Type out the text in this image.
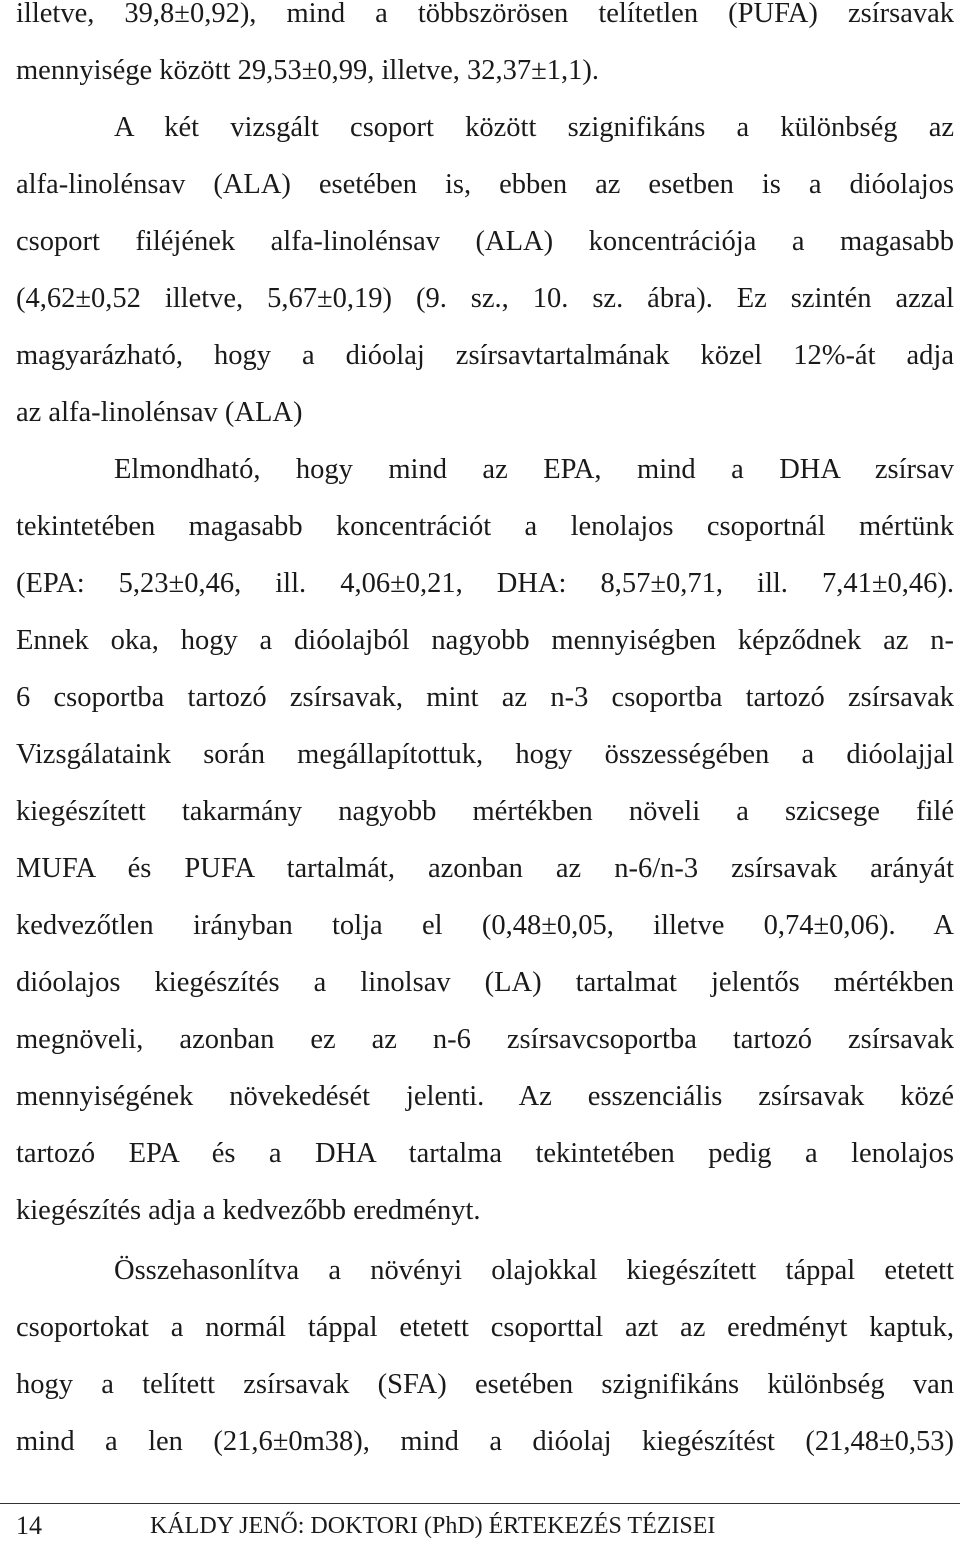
illetve, 39,8±0,92), mind a többszörösen telítetlen (PUFA) zsírsavak
mennyisége között 29,53±0,99, illetve, 32,37±1,1).
A két vizsgált csoport között szignifikáns a különbség az
alfa-linolénsav (ALA) esetében is, ebben az esetben is a dióolajos
csoport filéjének alfa-linolénsav (ALA) koncentrációja a magasabb
(4,62±0,52 illetve, 5,67±0,19) (9. sz., 10. sz. ábra). Ez szintén azzal
magyarázható, hogy a dióolaj zsírsavtartalmának közel 12%-át adja
az alfa-linolénsav (ALA)
Elmondható, hogy mind az EPA, mind a DHA zsírsav
tekintetében magasabb koncentrációt a lenolajos csoportnál mértünk
(EPA: 5,23±0,46, ill. 4,06±0,21, DHA: 8,57±0,71, ill. 7,41±0,46).
Ennek oka, hogy a dióolajból nagyobb mennyiségben képződnek az n-
6 csoportba tartozó zsírsavak, mint az n-3 csoportba tartozó zsírsavak
Vizsgálataink során megállapítottuk, hogy összességében a dióolajjal
kiegészített takarmány nagyobb mértékben növeli a szicsege filé
MUFA és PUFA tartalmát, azonban az n-6/n-3 zsírsavak arányát
kedvezőtlen irányban tolja el (0,48±0,05, illetve 0,74±0,06). A
dióolajos kiegészítés a linolsav (LA) tartalmat jelentős mértékben
megnöveli, azonban ez az n-6 zsírsavcsoportba tartozó zsírsavak
mennyiségének növekedését jelenti. Az esszenciális zsírsavak közé
tartozó EPA és a DHA tartalma tekintetében pedig a lenolajos
kiegészítés adja a kedvezőbb eredményt.
Összehasonlítva a növényi olajokkal kiegészített táppal etetett
csoportokat a normál táppal etetett csoporttal azt az eredményt kaptuk,
hogy a telített zsírsavak (SFA) esetében szignifikáns különbség van
mind a len (21,6±0m38), mind a dióolaj kiegészítést (21,48±0,53)
14	KÁLDY JENŐ: DOKTORI (PhD) ÉRTEKEZÉS TÉZISEI
